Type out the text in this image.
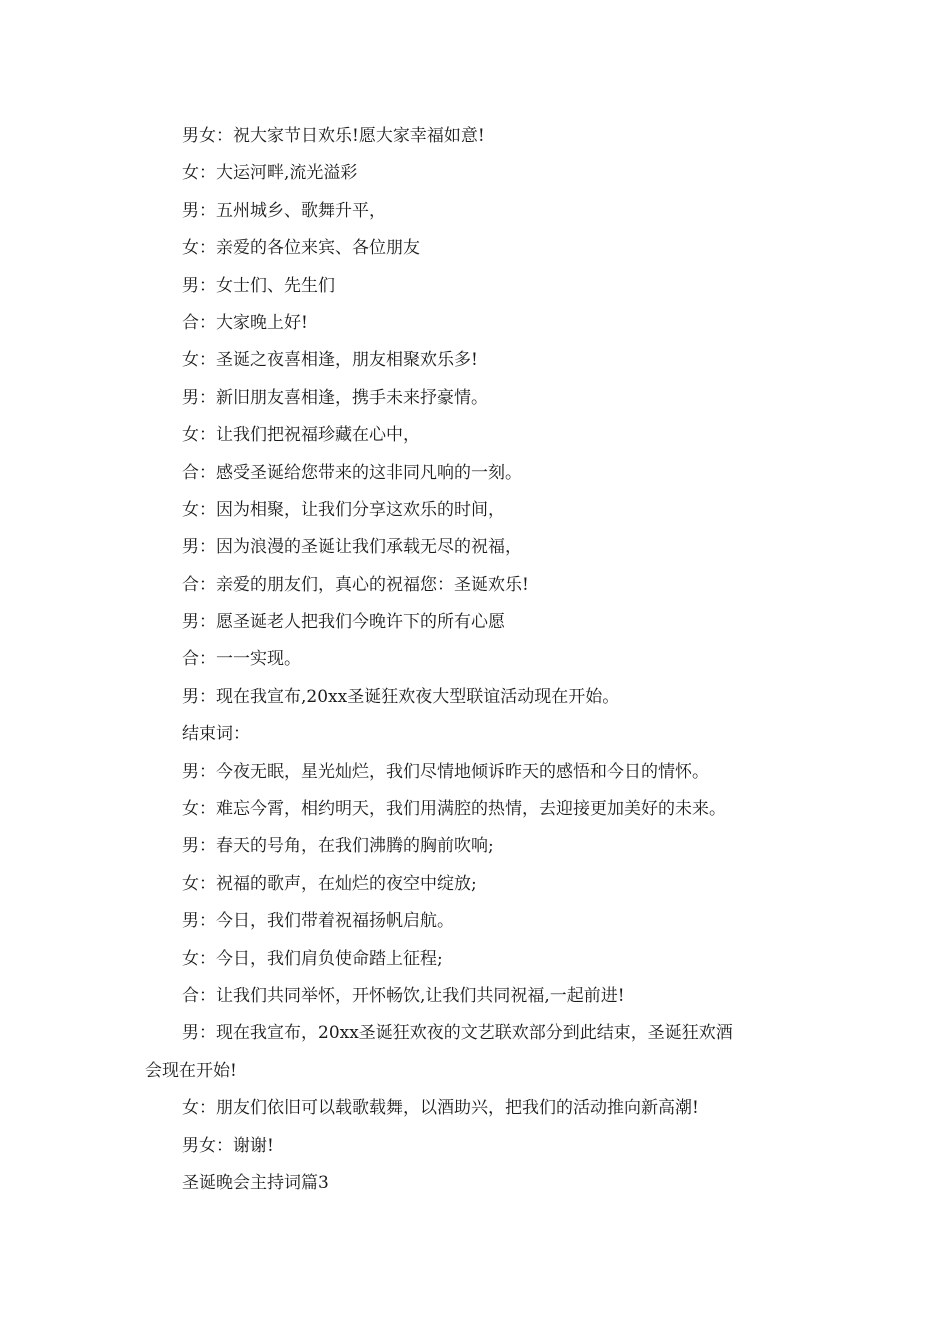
男女：祝大家节日欢乐!愿大家幸福如意!
女：大运河畔,流光溢彩
男：五州城乡、歌舞升平，
女：亲爱的各位来宾、各位朋友
男：女士们、先生们
合：大家晚上好!
女：圣诞之夜喜相逢，朋友相聚欢乐多!
男：新旧朋友喜相逢，携手未来抒豪情。
女：让我们把祝福珍藏在心中，
合：感受圣诞给您带来的这非同凡响的一刻。
女：因为相聚，让我们分享这欢乐的时间，
男：因为浪漫的圣诞让我们承载无尽的祝福，
合：亲爱的朋友们，真心的祝福您：圣诞欢乐!
男：愿圣诞老人把我们今晚许下的所有心愿
合：一一实现。
男：现在我宣布,20xx圣诞狂欢夜大型联谊活动现在开始。
结束词：
男：今夜无眠，星光灿烂，我们尽情地倾诉昨天的感悟和今日的情怀。
女：难忘今霄，相约明天，我们用满腔的热情，去迎接更加美好的未来。
男：春天的号角，在我们沸腾的胸前吹响;
女：祝福的歌声，在灿烂的夜空中绽放;
男：今日，我们带着祝福扬帆启航。
女：今日，我们肩负使命踏上征程;
合：让我们共同举怀，开怀畅饮,让我们共同祝福,一起前进!
男：现在我宣布，20xx圣诞狂欢夜的文艺联欢部分到此结束，圣诞狂欢酒
会现在开始!
女：朋友们依旧可以载歌载舞，以酒助兴，把我们的活动推向新高潮!
男女：谢谢!
圣诞晚会主持词篇3
